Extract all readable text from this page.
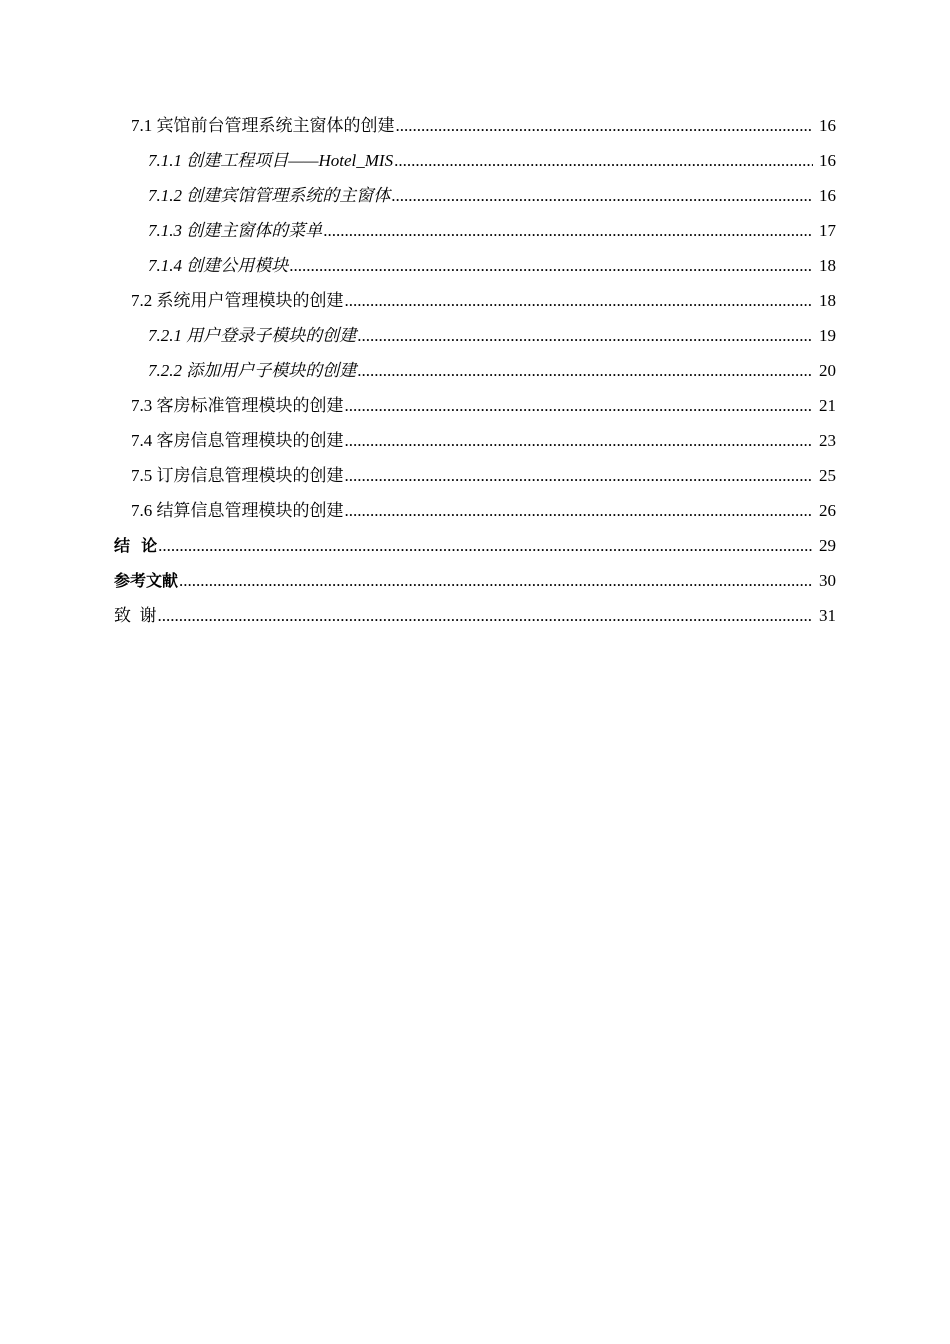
7.1 宾馆前台管理系统主窗体的创建 .....	16
7.1.1 创建工程项目——Hotel_MIS .....	16
7.1.2 创建宾馆管理系统的主窗体 .....	16
7.1.3 创建主窗体的菜单 .....	17
7.1.4 创建公用模块 .....	18
7.2 系统用户管理模块的创建 .....	18
7.2.1 用户登录子模块的创建 .....	19
7.2.2 添加用户子模块的创建 .....	20
7.3 客房标准管理模块的创建 .....	21
7.4 客房信息管理模块的创建 .....	23
7.5 订房信息管理模块的创建 .....	25
7.6 结算信息管理模块的创建 .....	26
结  论 .....	29
参考文献 .....	30
致  谢 .....	31
